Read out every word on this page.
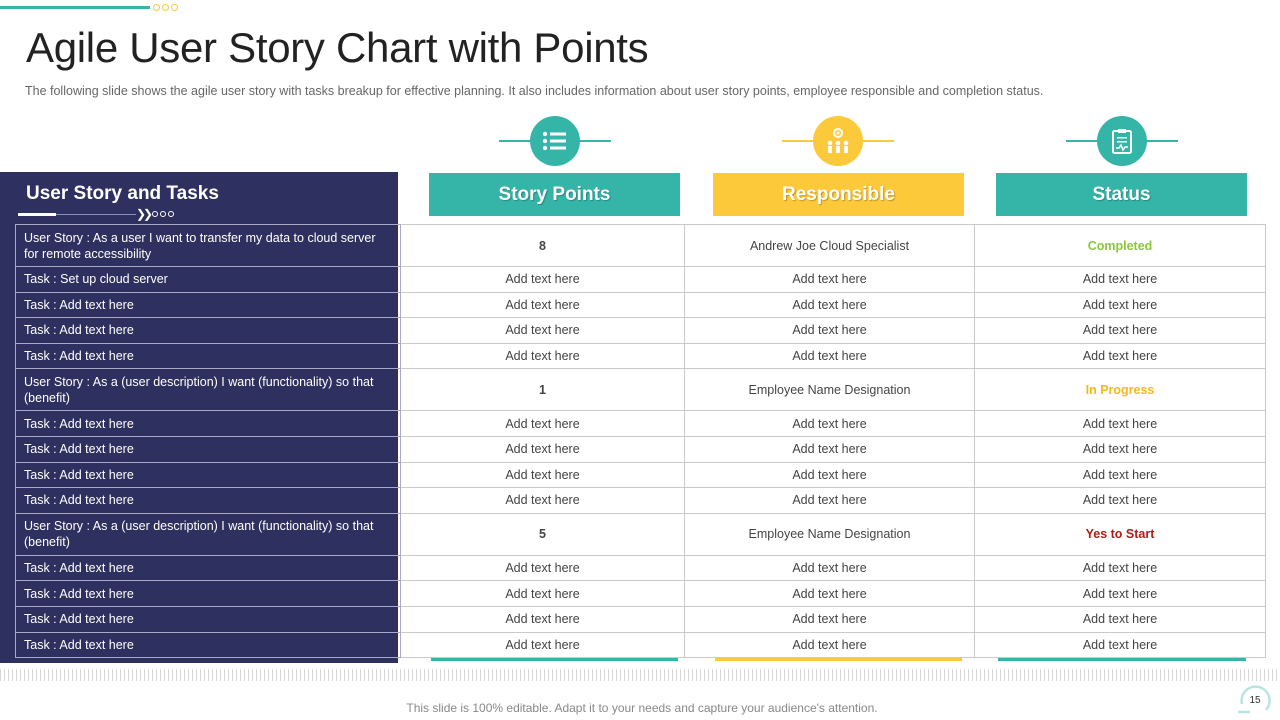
Agile User Story Chart with Points
The following slide shows the agile user story with tasks breakup for effective planning. It also includes information about user story points, employee responsible and completion status.
User Story and Tasks
❯❯
Story Points	Responsible	Status
User Story : As a user I want to transfer my data to cloud server for remote accessibility	8	Andrew Joe Cloud Specialist	Completed
Task : Set up cloud server	Add text here	Add text here	Add text here
Task : Add text here	Add text here	Add text here	Add text here
Task : Add text here	Add text here	Add text here	Add text here
Task : Add text here	Add text here	Add text here	Add text here
User Story : As a (user description) I want (functionality) so that (benefit)	1	Employee Name Designation	In Progress
Task : Add text here	Add text here	Add text here	Add text here
Task : Add text here	Add text here	Add text here	Add text here
Task : Add text here	Add text here	Add text here	Add text here
Task : Add text here	Add text here	Add text here	Add text here
User Story : As a (user description) I want (functionality) so that (benefit)	5	Employee Name Designation	Yes to Start
Task : Add text here	Add text here	Add text here	Add text here
Task : Add text here	Add text here	Add text here	Add text here
Task : Add text here	Add text here	Add text here	Add text here
Task : Add text here	Add text here	Add text here	Add text here
This slide is 100% editable. Adapt it to your needs and capture your audience's attention.
15
